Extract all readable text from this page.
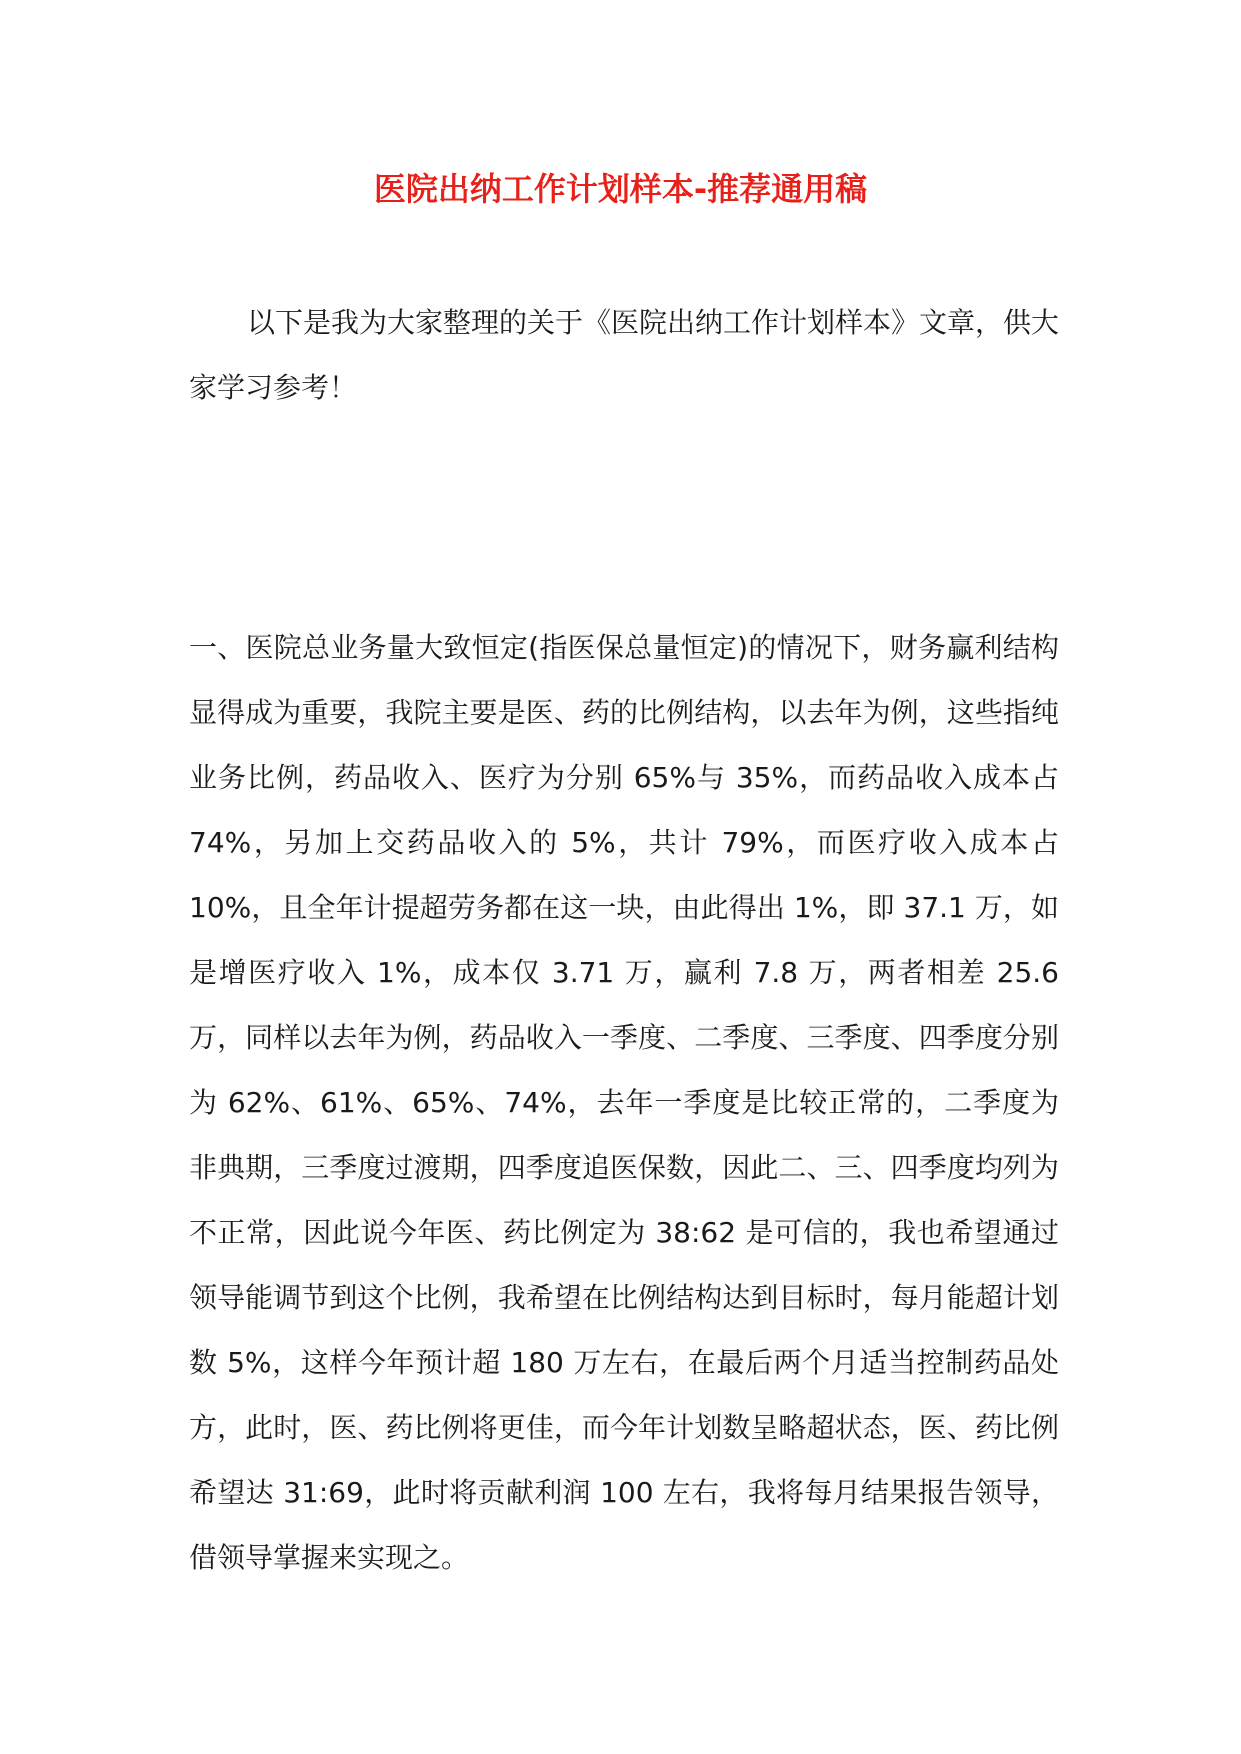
医院出纳工作计划样本-推荐通用稿

以下是我为大家整理的关于《医院出纳工作计划样本》文章，供大家学习参考！

一、医院总业务量大致恒定(指医保总量恒定)的情况下，财务赢利结构显得成为重要，我院主要是医、药的比例结构，以去年为例，这些指纯业务比例，药品收入、医疗为分别 65%与 35%，而药品收入成本占 74%，另加上交药品收入的 5%，共计 79%，而医疗收入成本占 10%，且全年计提超劳务都在这一块，由此得出 1%，即 37.1 万，如是增医疗收入 1%，成本仅 3.71 万，赢利 7.8 万，两者相差 25.6 万，同样以去年为例，药品收入一季度、二季度、三季度、四季度分别为 62%、61%、65%、74%，去年一季度是比较正常的，二季度为非典期，三季度过渡期，四季度追医保数，因此二、三、四季度均列为不正常，因此说今年医、药比例定为 38:62 是可信的，我也希望通过领导能调节到这个比例，我希望在比例结构达到目标时，每月能超计划数 5%，这样今年预计超 180 万左右，在最后两个月适当控制药品处方，此时，医、药比例将更佳，而今年计划数呈略超状态，医、药比例希望达 31:69，此时将贡献利润 100 左右，我将每月结果报告领导，借领导掌握来实现之。
